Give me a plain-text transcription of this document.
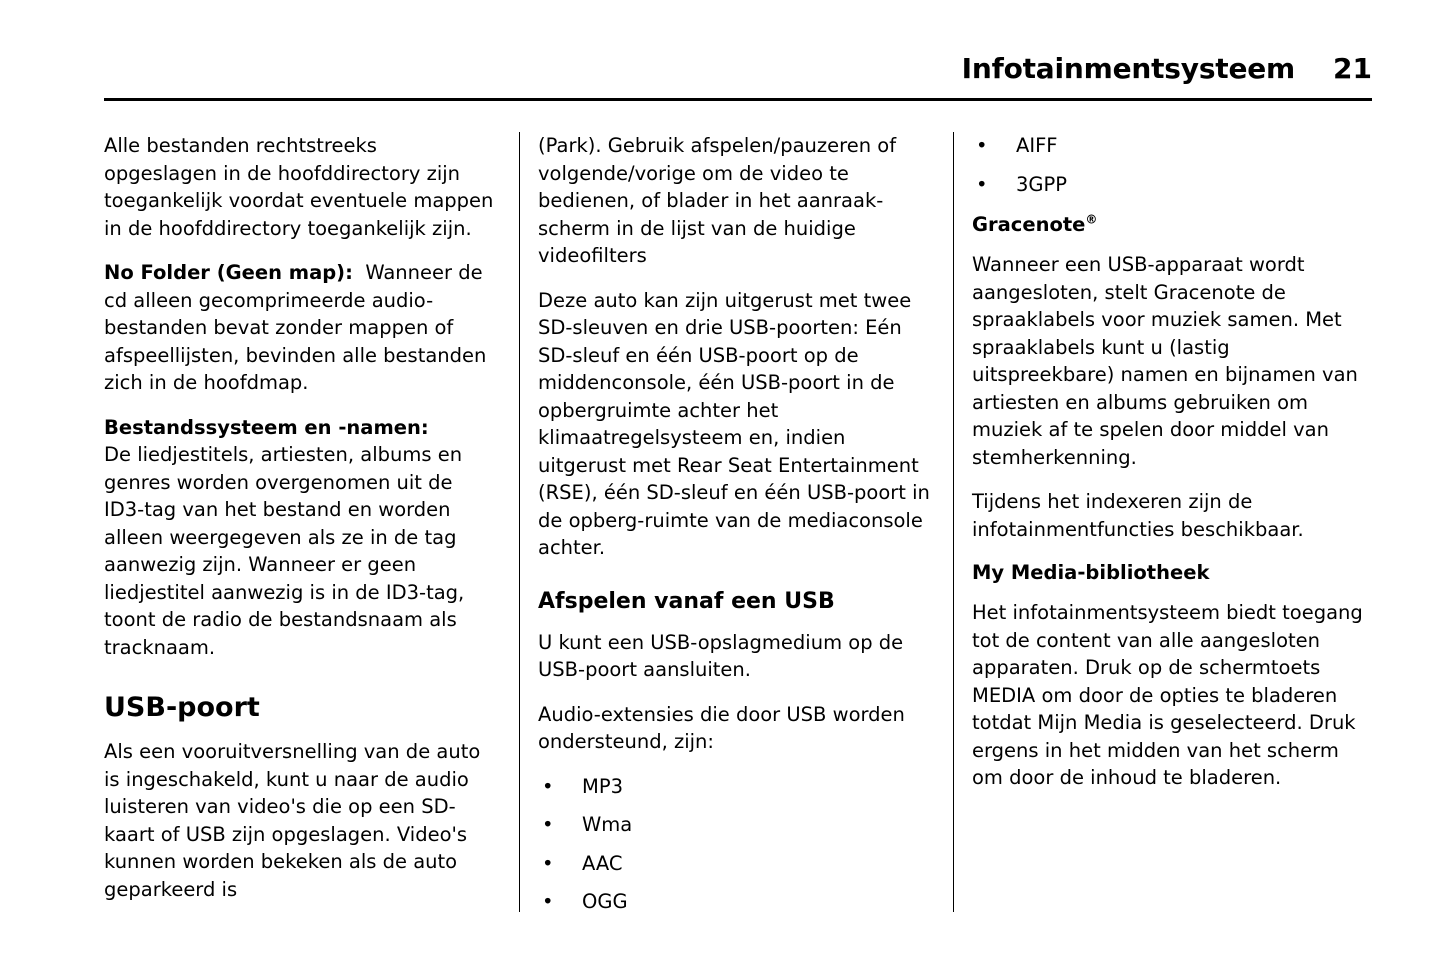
Infotainmentsysteem 21

Alle bestanden rechtstreeks opgeslagen in de hoofddirectory zijn toegankelijk voordat eventuele mappen in de hoofddirectory toegankelijk zijn.

No Folder (Geen map): Wanneer de cd alleen gecomprimeerde audio-bestanden bevat zonder mappen of afspeellijsten, bevinden alle bestanden zich in de hoofdmap.

Bestandssysteem en -namen:
De liedjestitels, artiesten, albums en genres worden overgenomen uit de ID3-tag van het bestand en worden alleen weergegeven als ze in de tag aanwezig zijn. Wanneer er geen liedjestitel aanwezig is in de ID3-tag, toont de radio de bestandsnaam als tracknaam.

USB-poort

Als een vooruitversnelling van de auto is ingeschakeld, kunt u naar de audio luisteren van video's die op een SD-kaart of USB zijn opgeslagen. Video's kunnen worden bekeken als de auto geparkeerd is

(Park). Gebruik afspelen/pauzeren of volgende/vorige om de video te bedienen, of blader in het aanraak-scherm in de lijst van de huidige videofilters

Deze auto kan zijn uitgerust met twee SD-sleuven en drie USB-poorten: Eén SD-sleuf en één USB-poort op de middenconsole, één USB-poort in de opbergruimte achter het klimaatregelsysteem en, indien uitgerust met Rear Seat Entertainment (RSE), één SD-sleuf en één USB-poort in de opberg-ruimte van de mediaconsole achter.

Afspelen vanaf een USB

U kunt een USB-opslagmedium op de USB-poort aansluiten.

Audio-extensies die door USB worden ondersteund, zijn:

• MP3
• Wma
• AAC
• OGG
• AIFF
• 3GPP
Gracenote®

Wanneer een USB-apparaat wordt aangesloten, stelt Gracenote de spraaklabels voor muziek samen. Met spraaklabels kunt u (lastig uitspreekbare) namen en bijnamen van artiesten en albums gebruiken om muziek af te spelen door middel van stemherkenning.

Tijdens het indexeren zijn de infotainmentfuncties beschikbaar.

My Media-bibliotheek

Het infotainmentsysteem biedt toegang tot de content van alle aangesloten apparaten. Druk op de schermtoets MEDIA om door de opties te bladeren totdat Mijn Media is geselecteerd. Druk ergens in het midden van het scherm om door de inhoud te bladeren.
